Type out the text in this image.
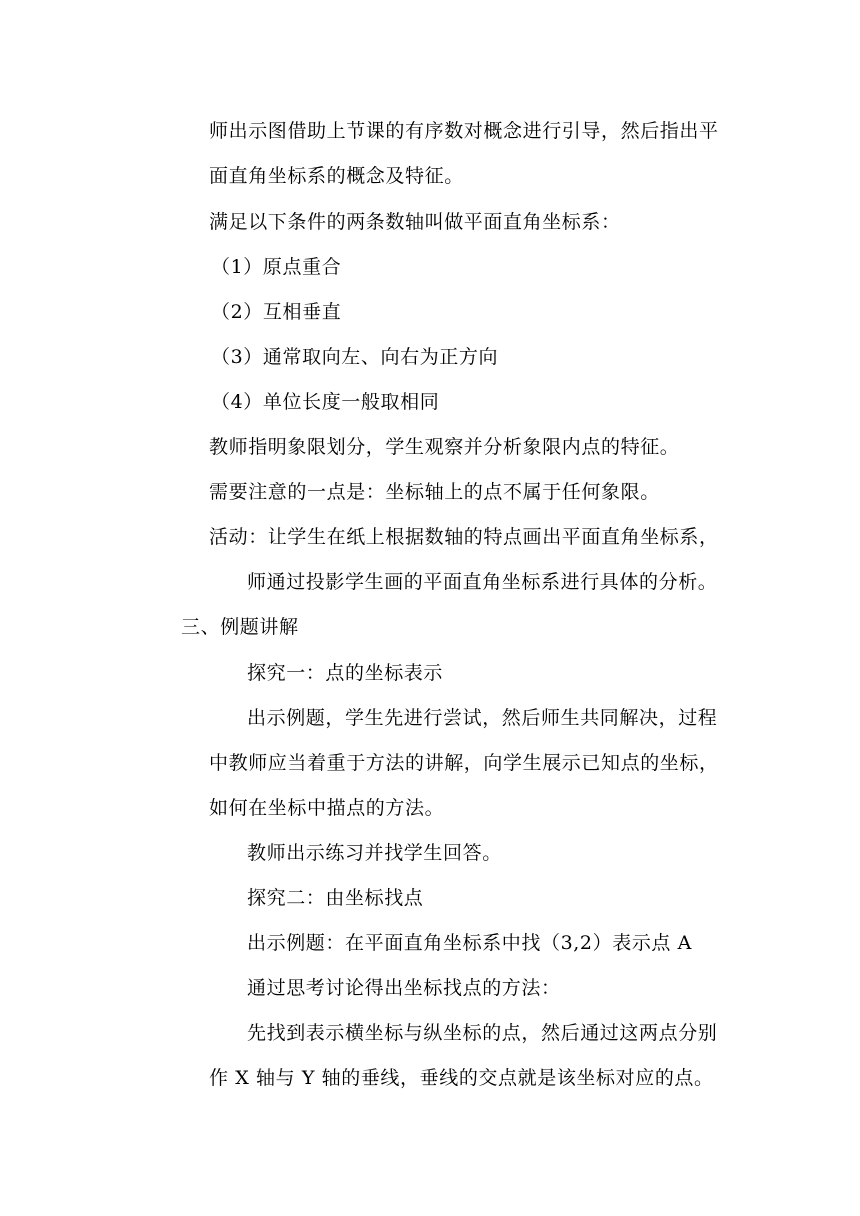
师出示图借助上节课的有序数对概念进行引导，然后指出平
面直角坐标系的概念及特征。
满足以下条件的两条数轴叫做平面直角坐标系：
（1）原点重合
（2）互相垂直
（3）通常取向左、向右为正方向
（4）单位长度一般取相同
教师指明象限划分，学生观察并分析象限内点的特征。
需要注意的一点是：坐标轴上的点不属于任何象限。
活动：让学生在纸上根据数轴的特点画出平面直角坐标系，
师通过投影学生画的平面直角坐标系进行具体的分析。
三、例题讲解
探究一：点的坐标表示
出示例题，学生先进行尝试，然后师生共同解决，过程
中教师应当着重于方法的讲解，向学生展示已知点的坐标，
如何在坐标中描点的方法。
教师出示练习并找学生回答。
探究二：由坐标找点
出示例题：在平面直角坐标系中找（3,2）表示点 A
通过思考讨论得出坐标找点的方法：
先找到表示横坐标与纵坐标的点，然后通过这两点分别
作 X 轴与 Y 轴的垂线，垂线的交点就是该坐标对应的点。
